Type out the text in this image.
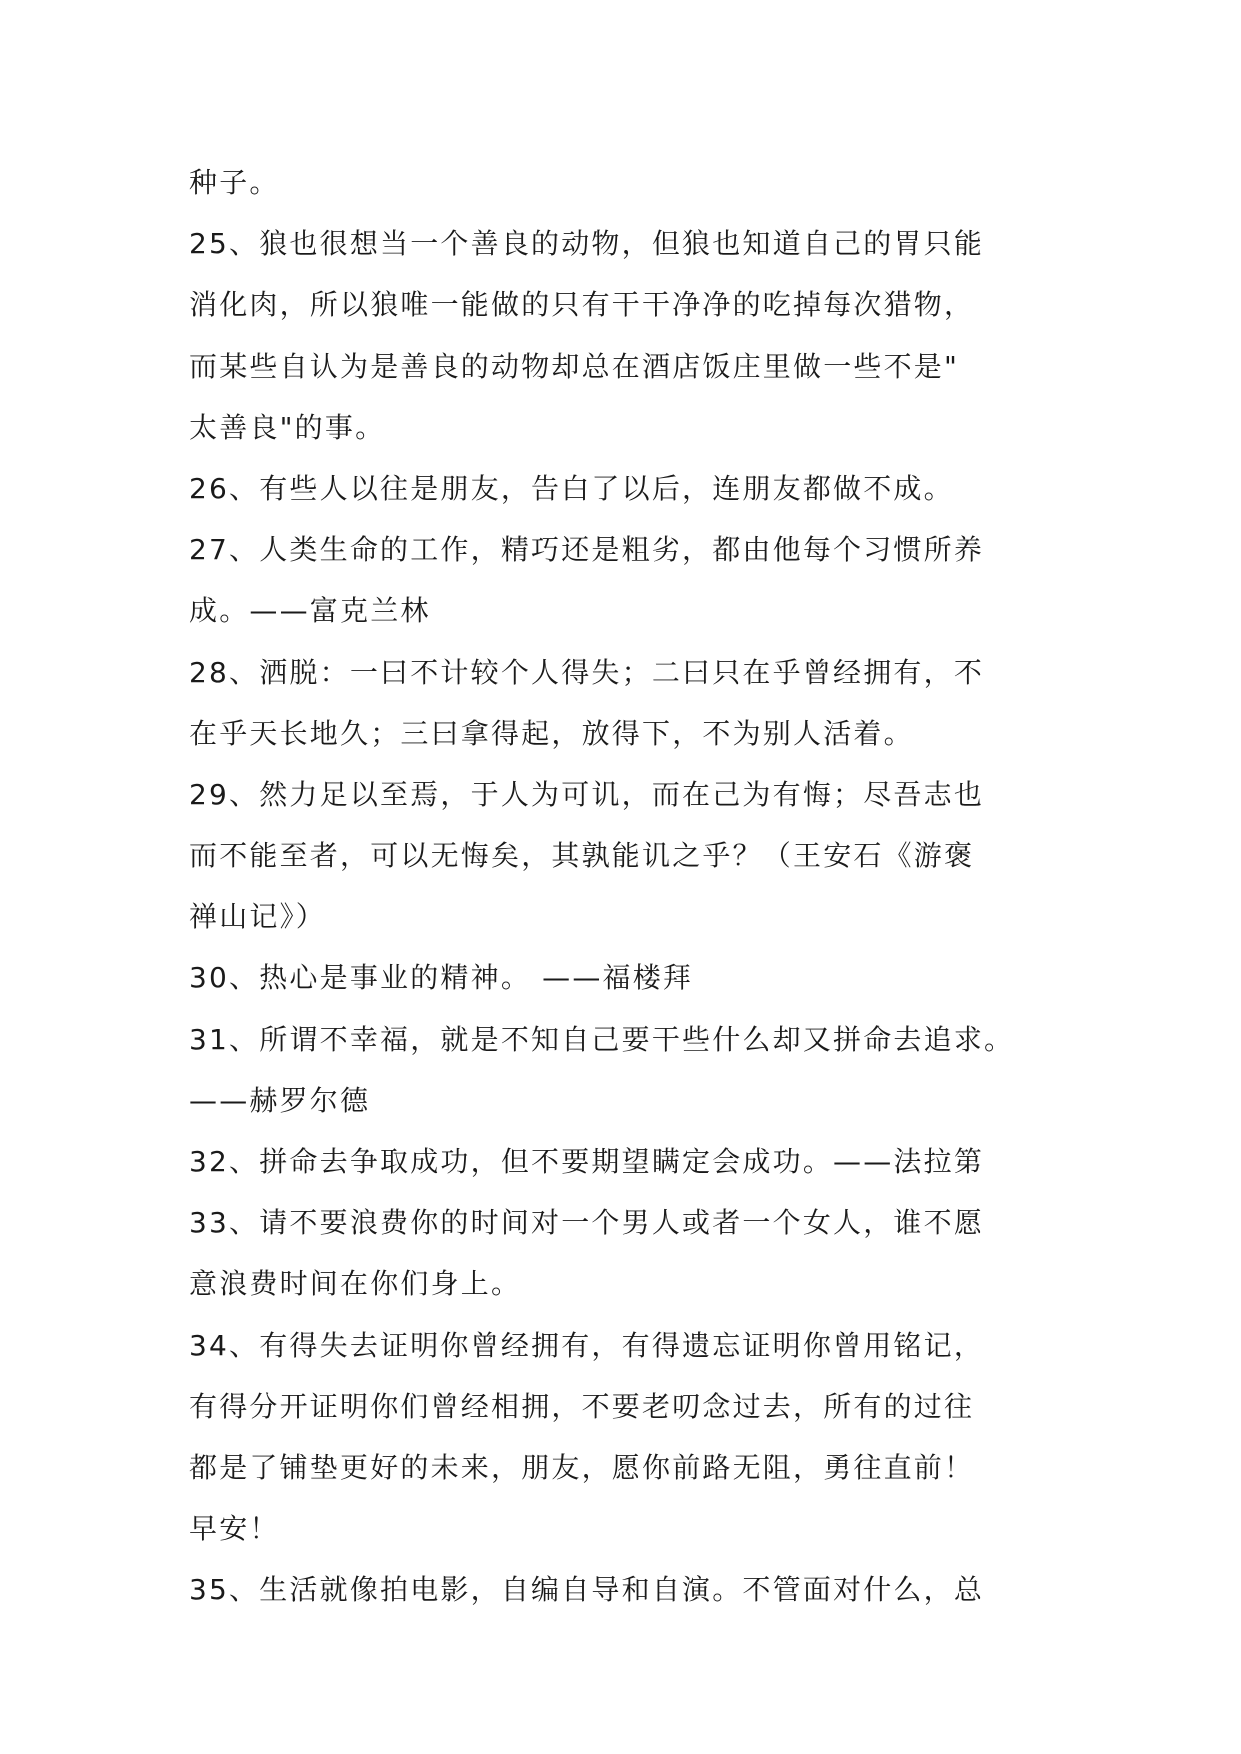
种子。
25、狼也很想当一个善良的动物，但狼也知道自己的胃只能
消化肉，所以狼唯一能做的只有干干净净的吃掉每次猎物，
而某些自认为是善良的动物却总在酒店饭庄里做一些不是"
太善良"的事。
26、有些人以往是朋友，告白了以后，连朋友都做不成。
27、人类生命的工作，精巧还是粗劣，都由他每个习惯所养
成。——富克兰林
28、洒脱：一曰不计较个人得失；二曰只在乎曾经拥有，不
在乎天长地久；三曰拿得起，放得下，不为别人活着。
29、然力足以至焉，于人为可讥，而在己为有悔；尽吾志也
而不能至者，可以无悔矣，其孰能讥之乎？（王安石《游褒
禅山记》）
30、热心是事业的精神。 ——福楼拜
31、所谓不幸福，就是不知自己要干些什么却又拼命去追求。
——赫罗尔德
32、拼命去争取成功，但不要期望瞒定会成功。——法拉第
33、请不要浪费你的时间对一个男人或者一个女人，谁不愿
意浪费时间在你们身上。
34、有得失去证明你曾经拥有，有得遗忘证明你曾用铭记，
有得分开证明你们曾经相拥，不要老叨念过去，所有的过往
都是了铺垫更好的未来，朋友，愿你前路无阻，勇往直前！
早安！
35、生活就像拍电影，自编自导和自演。不管面对什么，总
